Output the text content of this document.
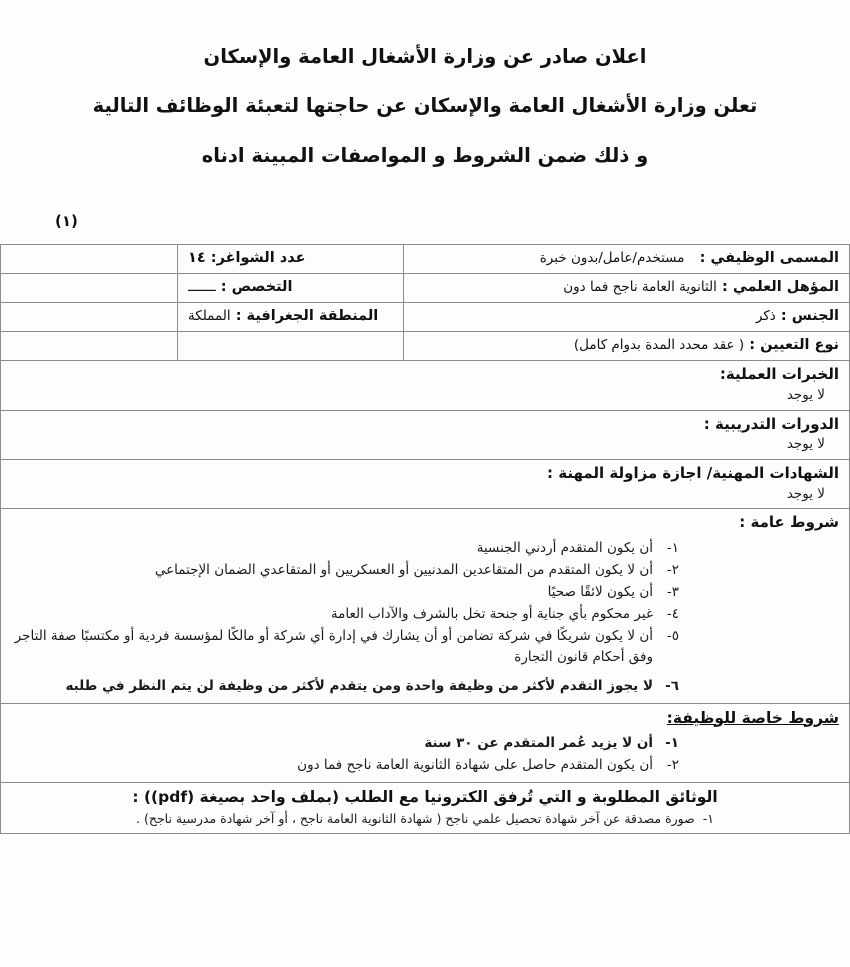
اعلان صادر عن وزارة الأشغال العامة والإسكان
تعلن وزارة الأشغال العامة والإسكان عن حاجتها لتعبئة الوظائف التالية
و ذلك ضمن الشروط و المواصفات المبينة ادناه
(١)
المسمى الوظيفي :   مستخدم/عامل/بدون خبرة	عدد الشواغر: ١٤	
المؤهل العلمي : الثانوية العامة ناجح فما دون	التخصص : ـــــــ	
الجنس : ذكر	المنطقة الجغرافية : المملكة	
نوع التعيين : ( عقد محدد المدة بدوام كامل)		

الخبرات العملية:
لا يوجد		

الدورات التدريبية :
لا يوجد		

الشهادات المهنية/ اجازة مزاولة المهنة :
لا يوجد		

شروط عامة :
١-
أن يكون المتقدم أردني الجنسية
٢-
أن لا يكون المتقدم من المتقاعدين المدنيين أو العسكريين أو المتقاعدي الضمان الإجتماعي
٣-
أن يكون لائقًا صحيًا
٤-
غير محكوم بأي جناية أو جنحة تخل بالشرف والآداب العامة
٥-
أن لا يكون شريكًا في شركة تضامن أو أن يشارك في إدارة أي شركة أو مالكًا لمؤسسة فردية أو مكتسبًا صفة التاجر وفق أحكام قانون التجارة
٦-
لا يجوز التقدم لأكثر من وظيفة واحدة ومن يتقدم لأكثر من وظيفة لن يتم النظر في طلبه

شروط خاصة للوظيفة:
١-
أن لا يزيد عُمر المتقدم عن ٣٠ سنة
٢-
أن يكون المتقدم حاصل على شهادة الثانوية العامة ناجح فما دون

الوثائق المطلوبة و التي تُرفق الكترونيا مع الطلب (بملف واحد بصيغة (pdf)) :
١-  صورة مصدقة عن آخر شهادة تحصيل علمي ناجح ( شهادة الثانوية العامة ناجح ، أو آخر شهادة مدرسية ناجح) .		
